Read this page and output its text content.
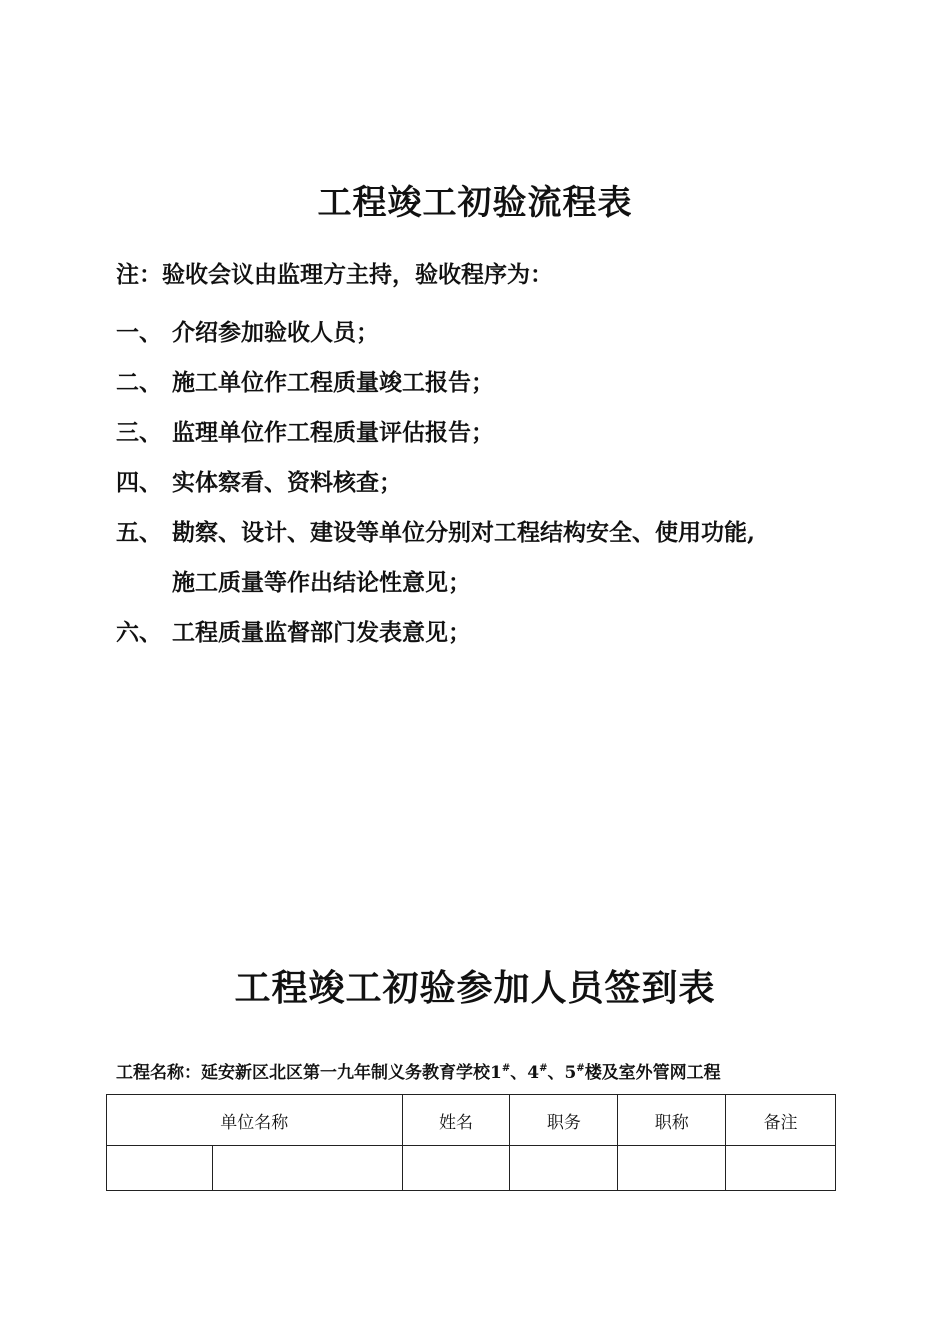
工程竣工初验流程表
注：验收会议由监理方主持，验收程序为：
一、 介绍参加验收人员；
二、 施工单位作工程质量竣工报告；
三、 监理单位作工程质量评估报告；
四、 实体察看、资料核查；
五、 勘察、设计、建设等单位分别对工程结构安全、使用功能,
施工质量等作出结论性意见；
六、 工程质量监督部门发表意见；
工程竣工初验参加人员签到表
工程名称：延安新区北区第一九年制义务教育学校1#、4#、5#楼及室外管网工程
单位名称		姓名	职务	职称	备注
